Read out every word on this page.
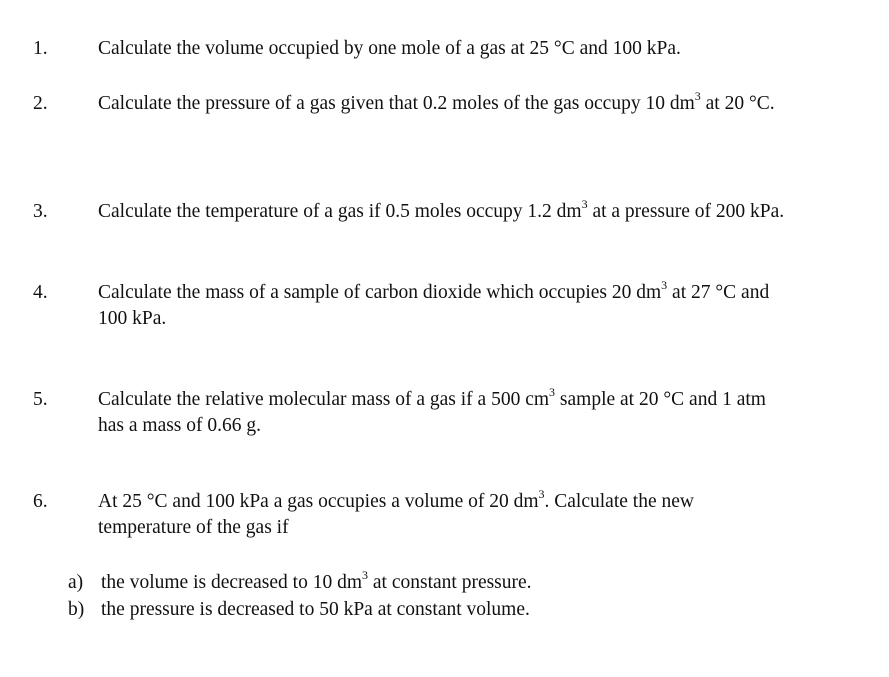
1.	Calculate the volume occupied by one mole of a gas at 25 °C and 100 kPa.
2.	Calculate the pressure of a gas given that 0.2 moles of the gas occupy 10 $dm^3$ at 20 °C.
3.	Calculate the temperature of a gas if 0.5 moles occupy 1.2 $dm^3$ at a pressure of 200 kPa.
4.	Calculate the mass of a sample of carbon dioxide which occupies 20 $dm^3$ at 27 °C and
100 kPa.
5.	Calculate the relative molecular mass of a gas if a 500 $cm^3$ sample at 20 °C and 1 atm
has a mass of 0.66 g.
6.	At 25 °C and 100 kPa a gas occupies a volume of 20 $dm^3$. Calculate the new
temperature of the gas if
a) the volume is decreased to 10 $dm^3$ at constant pressure.
b) the pressure is decreased to 50 kPa at constant volume.
